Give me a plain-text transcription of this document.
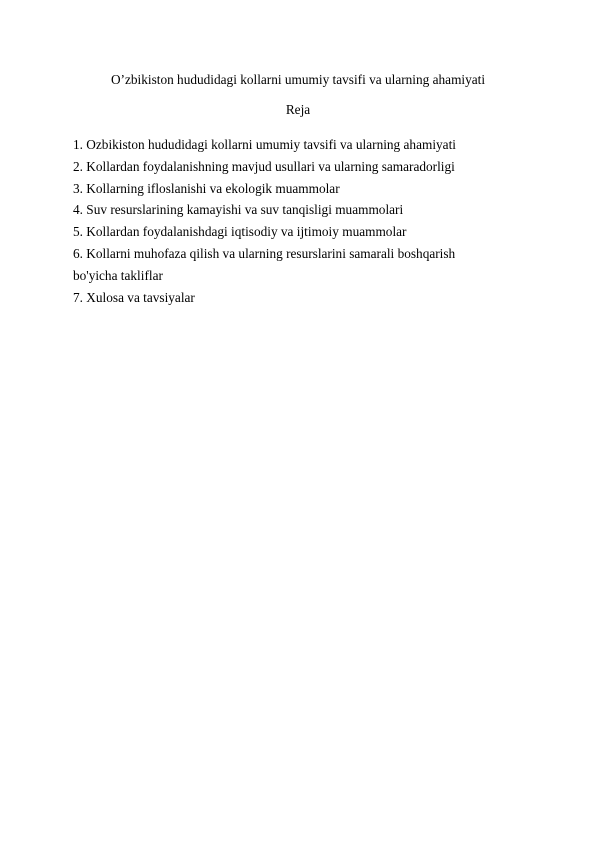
O’zbikiston hududidagi kollarni umumiy tavsifi va ularning ahamiyati
Reja
1. Ozbikiston hududidagi kollarni umumiy tavsifi va ularning ahamiyati
2. Kollardan foydalanishning mavjud usullari va ularning samaradorligi
3. Kollarning ifloslanishi va ekologik muammolar
4. Suv resurslarining kamayishi va suv tanqisligi muammolari
5. Kollardan foydalanishdagi iqtisodiy va ijtimoiy muammolar
6. Kollarni muhofaza qilish va ularning resurslarini samarali boshqarish
bo'yicha takliflar
7. Xulosa va tavsiyalar
